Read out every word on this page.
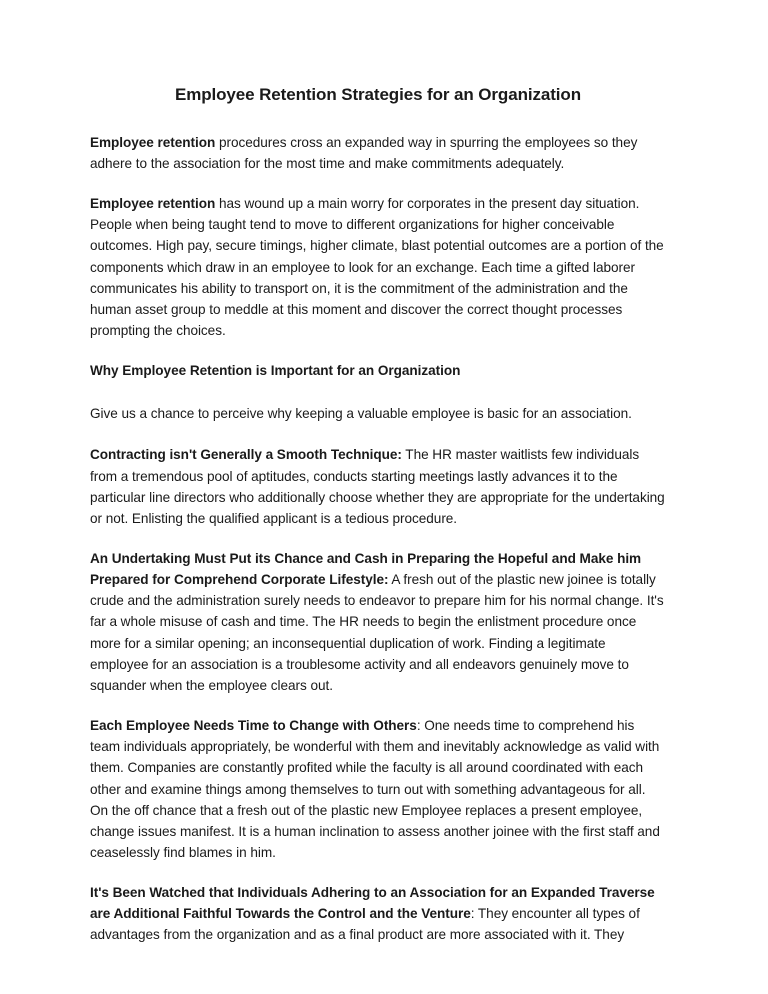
Employee Retention Strategies for an Organization

Employee retention procedures cross an expanded way in spurring the employees so they adhere to the association for the most time and make commitments adequately.

Employee retention has wound up a main worry for corporates in the present day situation. People when being taught tend to move to different organizations for higher conceivable outcomes. High pay, secure timings, higher climate, blast potential outcomes are a portion of the components which draw in an employee to look for an exchange. Each time a gifted laborer communicates his ability to transport on, it is the commitment of the administration and the human asset group to meddle at this moment and discover the correct thought processes prompting the choices.

Why Employee Retention is Important for an Organization

Give us a chance to perceive why keeping a valuable employee is basic for an association.

Contracting isn't Generally a Smooth Technique: The HR master waitlists few individuals from a tremendous pool of aptitudes, conducts starting meetings lastly advances it to the particular line directors who additionally choose whether they are appropriate for the undertaking or not. Enlisting the qualified applicant is a tedious procedure.

An Undertaking Must Put its Chance and Cash in Preparing the Hopeful and Make him Prepared for Comprehend Corporate Lifestyle: A fresh out of the plastic new joinee is totally crude and the administration surely needs to endeavor to prepare him for his normal change. It's far a whole misuse of cash and time. The HR needs to begin the enlistment procedure once more for a similar opening; an inconsequential duplication of work. Finding a legitimate employee for an association is a troublesome activity and all endeavors genuinely move to squander when the employee clears out.

Each Employee Needs Time to Change with Others: One needs time to comprehend his team individuals appropriately, be wonderful with them and inevitably acknowledge as valid with them. Companies are constantly profited while the faculty is all around coordinated with each other and examine things among themselves to turn out with something advantageous for all. On the off chance that a fresh out of the plastic new Employee replaces a present employee, change issues manifest. It is a human inclination to assess another joinee with the first staff and ceaselessly find blames in him.

It's Been Watched that Individuals Adhering to an Association for an Expanded Traverse are Additional Faithful Towards the Control and the Venture: They encounter all types of advantages from the organization and as a final product are more associated with it. They
